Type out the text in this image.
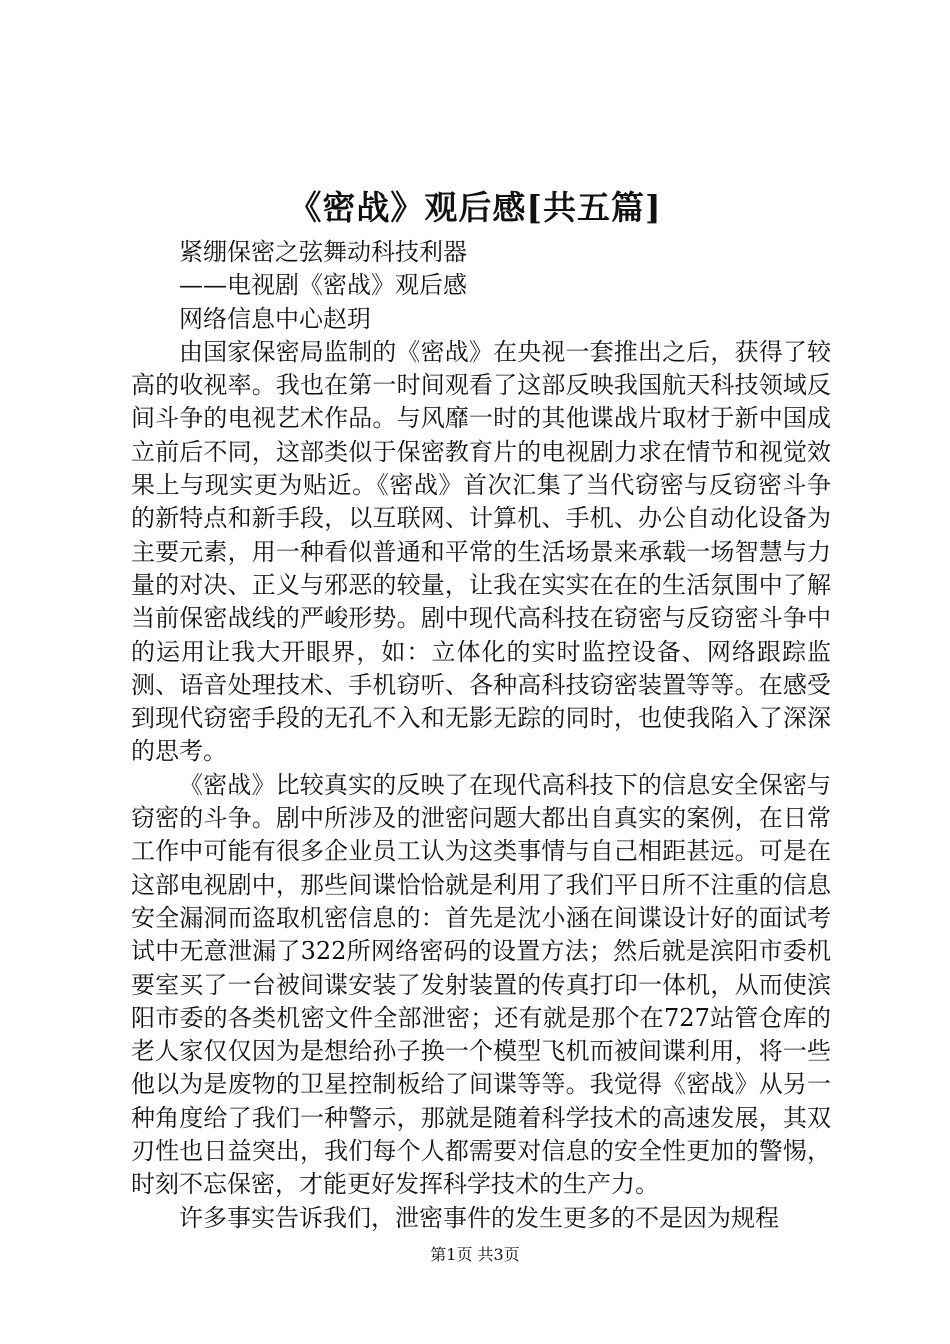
《密战》观后感[共五篇]

紧绷保密之弦舞动科技利器

——电视剧《密战》观后感

网络信息中心赵玥

由国家保密局监制的《密战》在央视一套推出之后，获得了较高的收视率。我也在第一时间观看了这部反映我国航天科技领域反间斗争的电视艺术作品。与风靡一时的其他谍战片取材于新中国成立前后不同，这部类似于保密教育片的电视剧力求在情节和视觉效果上与现实更为贴近。《密战》首次汇集了当代窃密与反窃密斗争的新特点和新手段，以互联网、计算机、手机、办公自动化设备为主要元素，用一种看似普通和平常的生活场景来承载一场智慧与力量的对决、正义与邪恶的较量，让我在实实在在的生活氛围中了解当前保密战线的严峻形势。剧中现代高科技在窃密与反窃密斗争中的运用让我大开眼界，如：立体化的实时监控设备、网络跟踪监测、语音处理技术、手机窃听、各种高科技窃密装置等等。在感受到现代窃密手段的无孔不入和无影无踪的同时，也使我陷入了深深的思考。

《密战》比较真实的反映了在现代高科技下的信息安全保密与窃密的斗争。剧中所涉及的泄密问题大都出自真实的案例，在日常工作中可能有很多企业员工认为这类事情与自己相距甚远。可是在这部电视剧中，那些间谍恰恰就是利用了我们平日所不注重的信息安全漏洞而盗取机密信息的：首先是沈小涵在间谍设计好的面试考试中无意泄漏了322所网络密码的设置方法；然后就是滨阳市委机要室买了一台被间谍安装了发射装置的传真打印一体机，从而使滨阳市委的各类机密文件全部泄密；还有就是那个在727站管仓库的老人家仅仅因为是想给孙子换一个模型飞机而被间谍利用，将一些他以为是废物的卫星控制板给了间谍等等。我觉得《密战》从另一种角度给了我们一种警示，那就是随着科学技术的高速发展，其双刃性也日益突出，我们每个人都需要对信息的安全性更加的警惕，时刻不忘保密，才能更好发挥科学技术的生产力。

许多事实告诉我们，泄密事件的发生更多的不是因为规程

第1页 共3页
